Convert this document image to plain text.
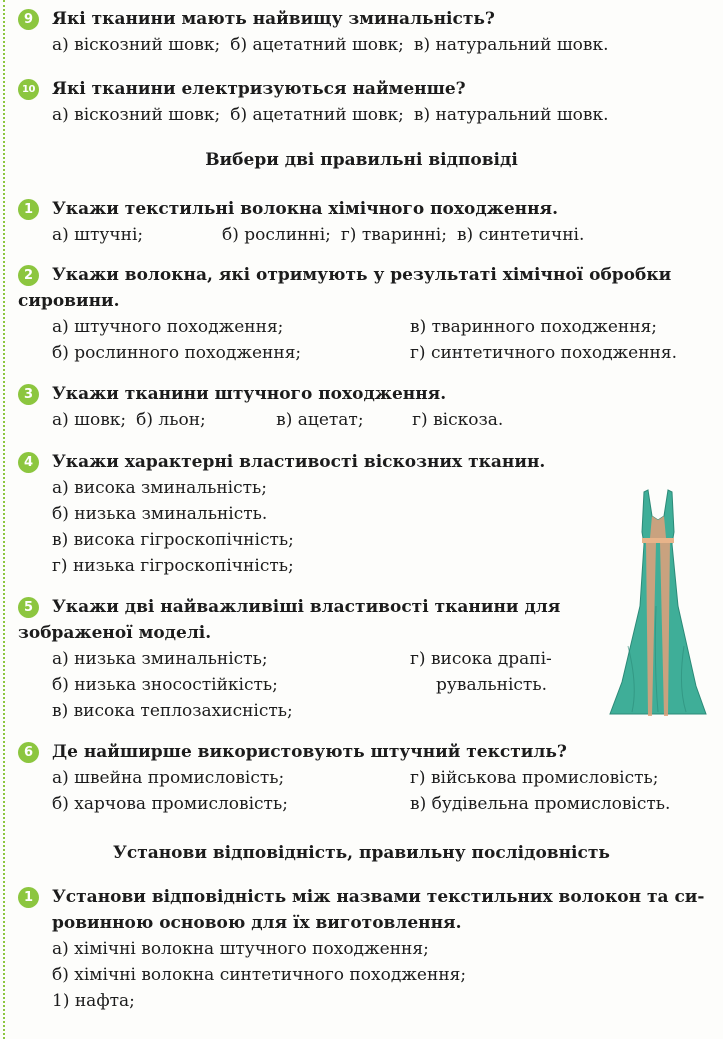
9	Які тканини мають найвищу зминальність?
а) віскозний шовк; б) ацетатний шовк; в) натуральний шовк.
10 Які тканини електризуються найменше?
а) віскозний шовк; б) ацетатний шовк; в) натуральний шовк.
Вибери дві правильні відповіді
1	Укажи текстильні волокна хімічного походження.
а) штучні;	б) рослинні; г) тваринні; в) синтетичні.
2	Укажи волокна, які отримують у результаті хімічної обробки
сировини.
а) штучного походження;	в) тваринного походження;
б) рослинного походження;	г) синтетичного походження.
3	Укажи тканини штучного походження.
а) шовк; б) льон;	в) ацетат;	г) віскоза.
4	Укажи характерні властивості віскозних тканин.
а) висока зминальність;
б) низька зминальність.
в) висока гігроскопічність;
г) низька гігроскопічність;
5	Укажи дві найважливіші властивості тканини для
зображеної моделі.
а) низька зминальність;	г) висока драпі-
б) низька зносостійкість;	рувальність.
в) висока теплозахисність;
6	Де найширше використовують штучний текстиль?
а) швейна промисловість;	г) військова промисловість;
б) харчова промисловість;	в) будівельна промисловість.
Установи відповідність, правильну послідовність
1	Установи відповідність між назвами текстильних волокон та си-
ровинною основою для їх виготовлення.
а) хімічні волокна штучного походження;
б) хімічні волокна синтетичного походження;
1) нафта;
